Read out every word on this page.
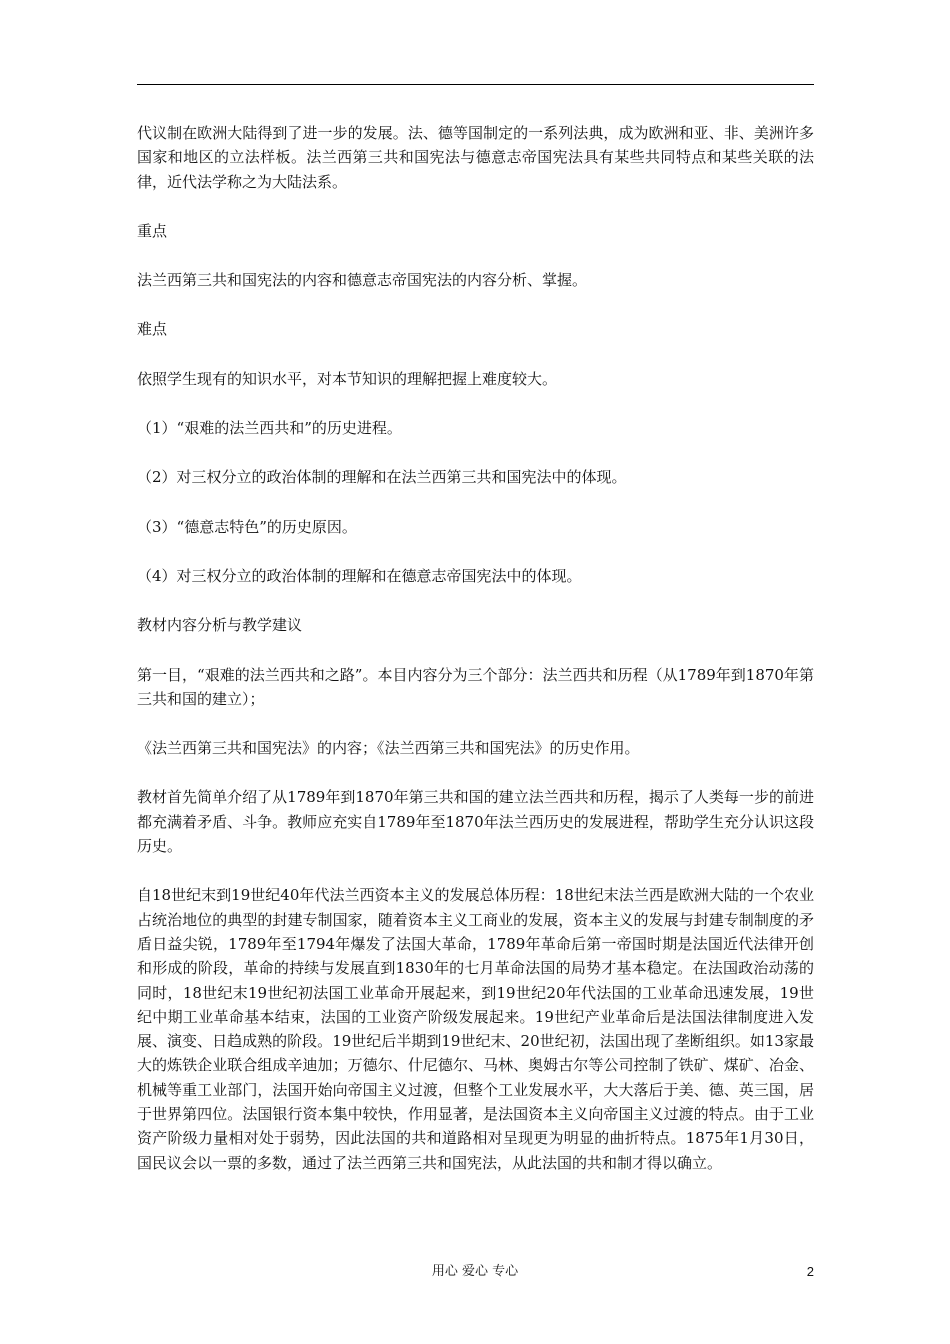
代议制在欧洲大陆得到了进一步的发展。法、德等国制定的一系列法典，成为欧洲和亚、非、美洲许多国家和地区的立法样板。法兰西第三共和国宪法与德意志帝国宪法具有某些共同特点和某些关联的法律，近代法学称之为大陆法系。

重点

法兰西第三共和国宪法的内容和德意志帝国宪法的内容分析、掌握。

难点

依照学生现有的知识水平，对本节知识的理解把握上难度较大。

（1）“艰难的法兰西共和”的历史进程。

（2）对三权分立的政治体制的理解和在法兰西第三共和国宪法中的体现。

（3）“德意志特色”的历史原因。

（4）对三权分立的政治体制的理解和在德意志帝国宪法中的体现。

教材内容分析与教学建议

第一目，“艰难的法兰西共和之路”。本目内容分为三个部分：法兰西共和历程（从1789年到1870年第三共和国的建立）；

《法兰西第三共和国宪法》的内容；《法兰西第三共和国宪法》的历史作用。

教材首先简单介绍了从1789年到1870年第三共和国的建立法兰西共和历程，揭示了人类每一步的前进都充满着矛盾、斗争。教师应充实自1789年至1870年法兰西历史的发展进程，帮助学生充分认识这段历史。

自18世纪末到19世纪40年代法兰西资本主义的发展总体历程：18世纪末法兰西是欧洲大陆的一个农业占统治地位的典型的封建专制国家，随着资本主义工商业的发展，资本主义的发展与封建专制制度的矛盾日益尖锐，1789年至1794年爆发了法国大革命，1789年革命后第一帝国时期是法国近代法律开创和形成的阶段，革命的持续与发展直到1830年的七月革命法国的局势才基本稳定。在法国政治动荡的同时，18世纪末19世纪初法国工业革命开展起来，到19世纪20年代法国的工业革命迅速发展，19世纪中期工业革命基本结束，法国的工业资产阶级发展起来。19世纪产业革命后是法国法律制度进入发展、演变、日趋成熟的阶段。19世纪后半期到19世纪末、20世纪初，法国出现了垄断组织。如13家最大的炼铁企业联合组成辛迪加；万德尔、什尼德尔、马林、奥姆古尔等公司控制了铁矿、煤矿、冶金、机械等重工业部门，法国开始向帝国主义过渡，但整个工业发展水平，大大落后于美、德、英三国，居于世界第四位。法国银行资本集中较快，作用显著，是法国资本主义向帝国主义过渡的特点。由于工业资产阶级力量相对处于弱势，因此法国的共和道路相对呈现更为明显的曲折特点。1875年1月30日，国民议会以一票的多数，通过了法兰西第三共和国宪法，从此法国的共和制才得以确立。

用心 爱心 专心	2
